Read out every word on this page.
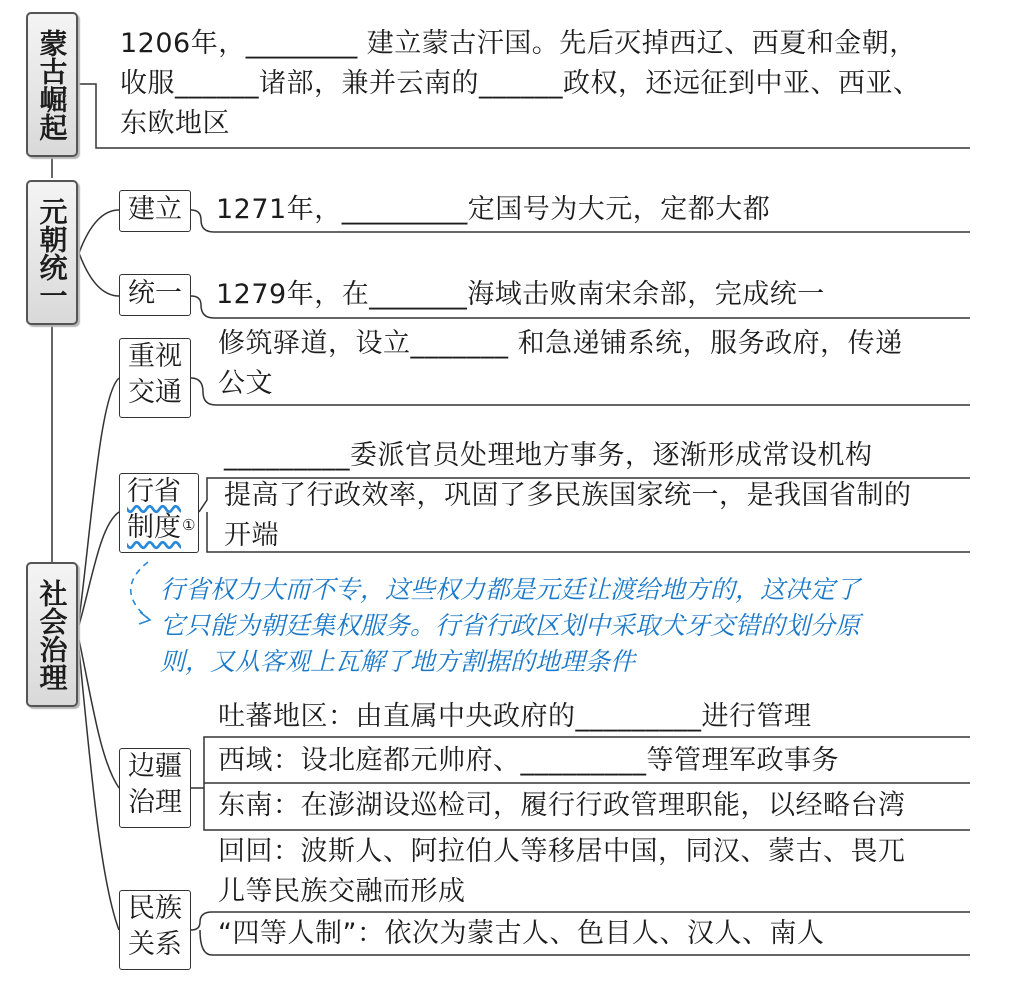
蒙古崛起
元朝统一
社会治理
建立
统一
重视
交通
行省
制度 ①
边疆
治理
民族
关系
1206年，________ 建立蒙古汗国。先后灭掉西辽、西夏和金朝，
收服______诸部，兼并云南的______政权，还远征到中亚、西亚、
东欧地区
1271年，_________定国号为大元，定都大都
1279年，在_______海域击败南宋余部，完成统一
修筑驿道，设立_______ 和急递铺系统，服务政府，传递
公文
_________委派官员处理地方事务，逐渐形成常设机构
提高了行政效率，巩固了多民族国家统一，是我国省制的
开端
行省权力大而不专，这些权力都是元廷让渡给地方的，这决定了
它只能为朝廷集权服务。行省行政区划中采取犬牙交错的划分原
则，又从客观上瓦解了地方割据的地理条件
吐蕃地区：由直属中央政府的_________进行管理
西域：设北庭都元帅府、_________等管理军政事务
东南：在澎湖设巡检司，履行行政管理职能，以经略台湾
回回：波斯人、阿拉伯人等移居中国，同汉、蒙古、畏兀
儿等民族交融而形成
“四等人制”：依次为蒙古人、色目人、汉人、南人
